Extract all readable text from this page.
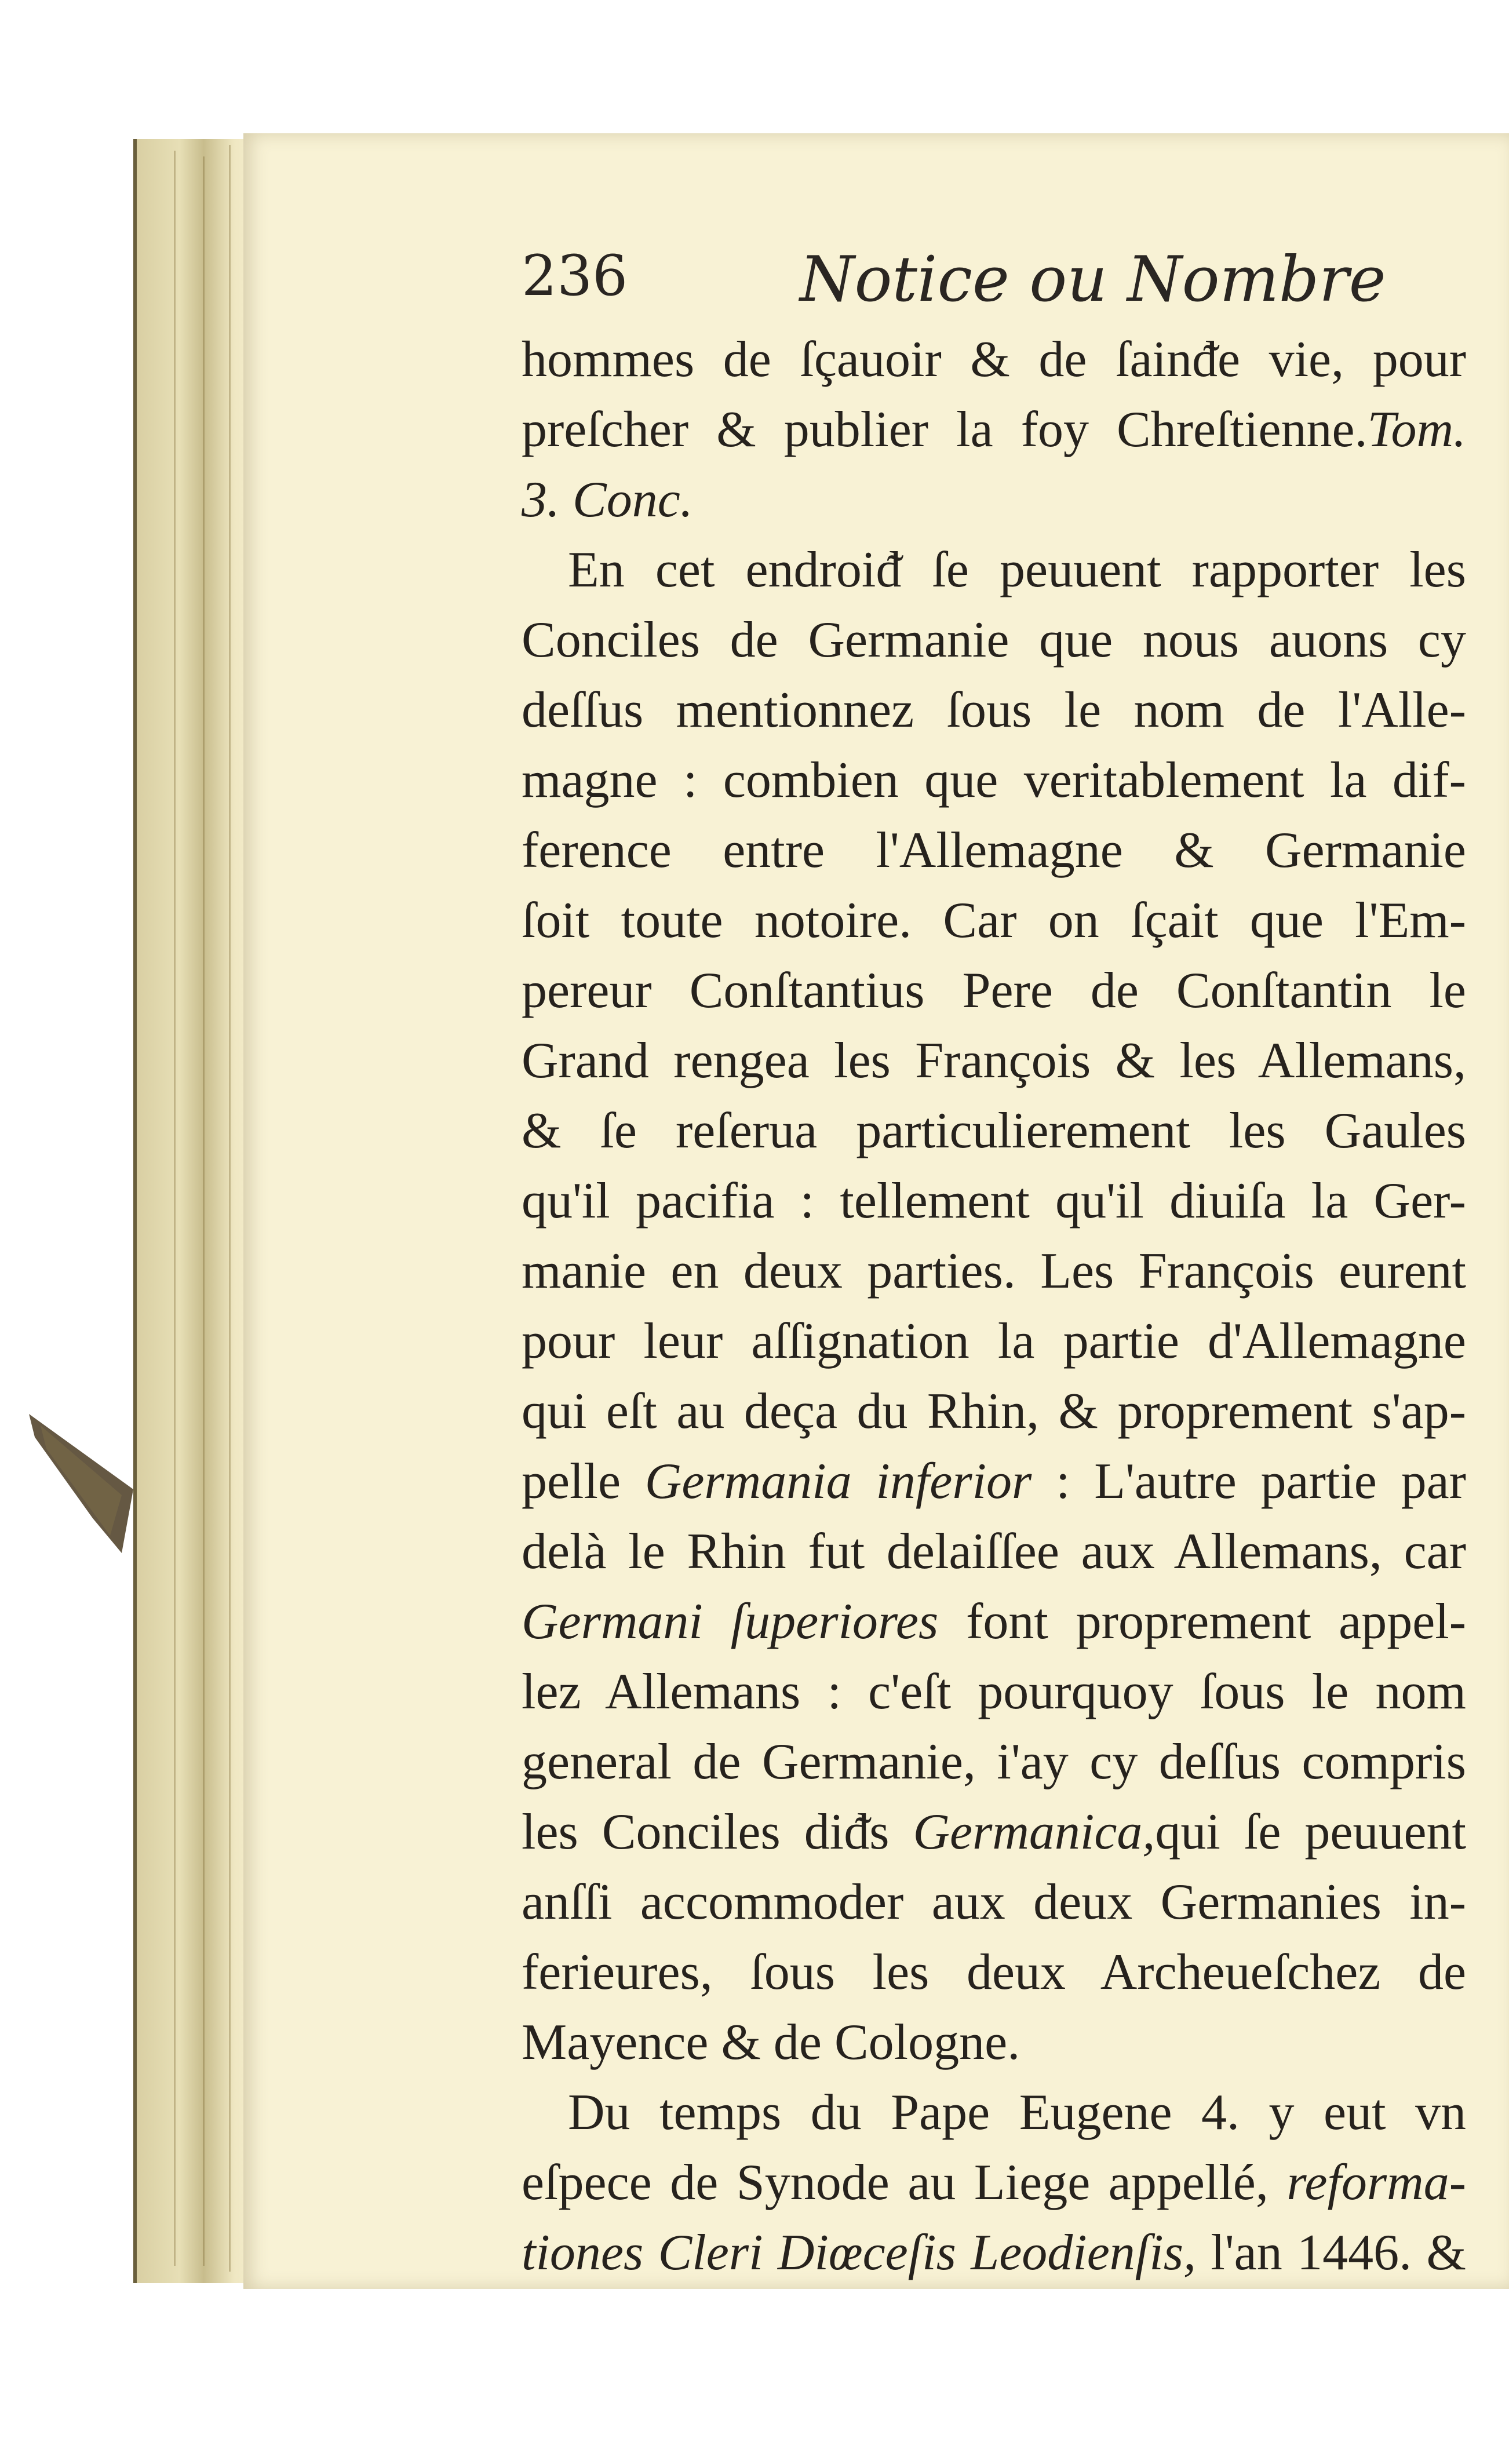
236	Notice ou Nombre
hommes de ſçauoir & de ſainᵭe vie, pour
preſcher & publier la foy Chreſtienne.Tom.
3. Conc.
En cet endroiᵭ ſe peuuent rapporter les
Conciles de Germanie que nous auons cy
deſſus mentionnez ſous le nom de l'Alle-
magne : combien que veritablement la dif-
ference entre l'Allemagne & Germanie
ſoit toute notoire. Car on ſçait que l'Em-
pereur Conſtantius Pere de Conſtantin le
Grand rengea les François & les Allemans,
& ſe reſerua particulierement les Gaules
qu'il pacifia : tellement qu'il diuiſa la Ger-
manie en deux parties. Les François eurent
pour leur aſſignation la partie d'Allemagne
qui eſt au deça du Rhin, & proprement s'ap-
pelle Germania inferior : L'autre partie par
delà le Rhin fut delaiſſee aux Allemans, car
Germani ſuperiores font proprement appel-
lez Allemans : c'eſt pourquoy ſous le nom
general de Germanie, i'ay cy deſſus compris
les Conciles diᵭs Germanica,qui ſe peuuent
anſſi accommoder aux deux Germanies in-
ferieures, ſous les deux Archeueſchez de
Mayence & de Cologne.
Du temps du Pape Eugene 4. y eut vn
eſpece de Synode au Liege appellé, reforma-
tiones Cleri Diœceſis Leodienſis, l'an 1446. &
